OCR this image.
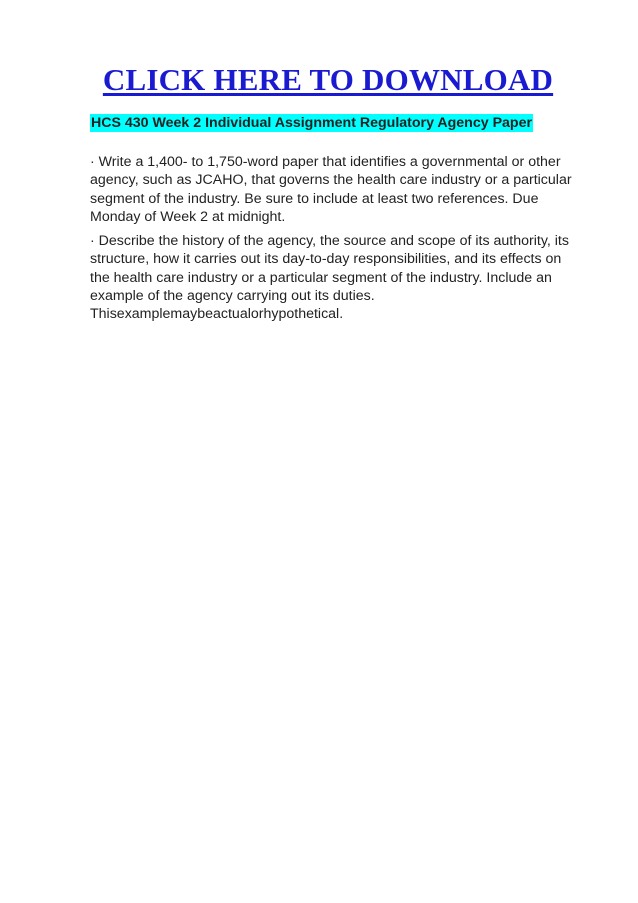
CLICK HERE TO DOWNLOAD
HCS 430 Week 2 Individual Assignment Regulatory Agency Paper
· Write a 1,400- to 1,750-word paper that identifies a governmental or other
agency, such as JCAHO, that governs the health care industry or a particular
segment of the industry. Be sure to include at least two references. Due
Monday of Week 2 at midnight.
· Describe the history of the agency, the source and scope of its authority, its
structure, how it carries out its day-to-day responsibilities, and its effects on
the health care industry or a particular segment of the industry. Include an
example of the agency carrying out its duties.
Thisexamplemaybeactualorhypothetical.
